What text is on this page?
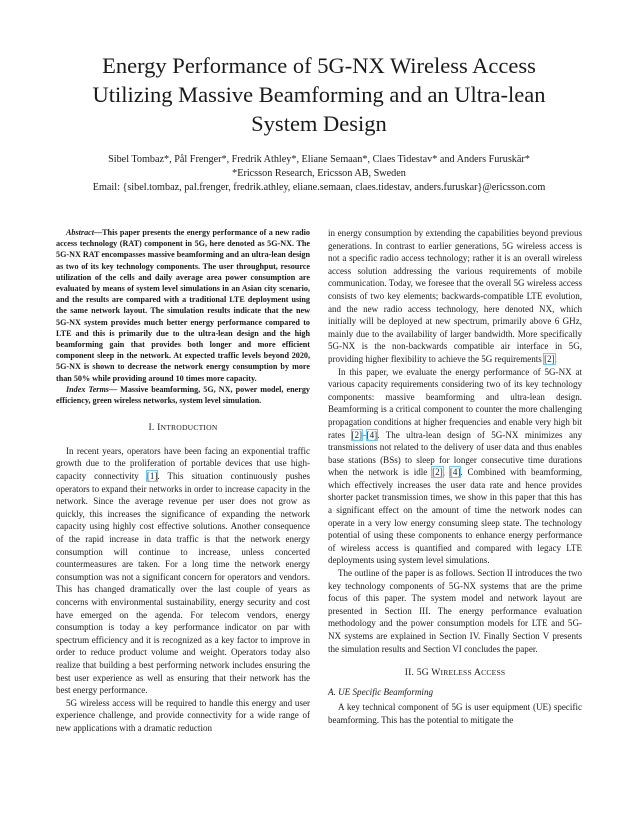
Energy Performance of 5G-NX Wireless Access
Utilizing Massive Beamforming and an Ultra-lean
System Design
Sibel Tombaz*, Pål Frenger*, Fredrik Athley*, Eliane Semaan*, Claes Tidestav* and Anders Furuskär*
*Ericsson Research, Ericsson AB, Sweden
Email: {sibel.tombaz, pal.frenger, fredrik.athley, eliane.semaan, claes.tidestav, anders.furuskar}@ericsson.com

Abstract—This paper presents the energy performance of a new radio access technology (RAT) component in 5G, here denoted as 5G-NX. The 5G-NX RAT encompasses massive beamforming and an ultra-lean design as two of its key technology components. The user throughput, resource utilization of the cells and daily average area power consumption are evaluated by means of system level simulations in an Asian city scenario, and the results are compared with a traditional LTE deployment using the same network layout. The simulation results indicate that the new 5G-NX system provides much better energy performance compared to LTE and this is primarily due to the ultra-lean design and the high beamforming gain that provides both longer and more efficient component sleep in the network. At expected traffic levels beyond 2020, 5G-NX is shown to decrease the network energy consumption by more than 50% while providing around 10 times more capacity.

Index Terms— Massive beamforming, 5G, NX, power model, energy efficiency, green wireless networks, system level simulation.

I. INTRODUCTION

In recent years, operators have been facing an exponential traffic growth due to the proliferation of portable devices that use high-capacity connectivity [1]. This situation continuously pushes operators to expand their networks in order to increase capacity in the network. Since the average revenue per user does not grow as quickly, this increases the significance of expanding the network capacity using highly cost effective solutions. Another consequence of the rapid increase in data traffic is that the network energy consumption will continue to increase, unless concerted countermeasures are taken. For a long time the network energy consumption was not a significant concern for operators and vendors. This has changed dramatically over the last couple of years as concerns with environmental sustainability, energy security and cost have emerged on the agenda. For telecom vendors, energy consumption is today a key performance indicator on par with spectrum efficiency and it is recognized as a key factor to improve in order to reduce product volume and weight. Operators today also realize that building a best performing network includes ensuring the best user experience as well as ensuring that their network has the best energy performance.

5G wireless access will be required to handle this energy and user experience challenge, and provide connectivity for a wide range of new applications with a dramatic reduction

in energy consumption by extending the capabilities beyond previous generations. In contrast to earlier generations, 5G wireless access is not a specific radio access technology; rather it is an overall wireless access solution addressing the various requirements of mobile communication. Today, we foresee that the overall 5G wireless access consists of two key elements; backwards-compatible LTE evolution, and the new radio access technology, here denoted NX, which initially will be deployed at new spectrum, primarily above 6 GHz, mainly due to the availability of larger bandwidth. More specifically 5G-NX is the non-backwards compatible air interface in 5G, providing higher flexibility to achieve the 5G requirements [2].

In this paper, we evaluate the energy performance of 5G-NX at various capacity requirements considering two of its key technology components: massive beamforming and ultra-lean design. Beamforming is a critical component to counter the more challenging propagation conditions at higher frequencies and enable very high bit rates [2]–[4]. The ultra-lean design of 5G-NX minimizes any transmissions not related to the delivery of user data and thus enables base stations (BSs) to sleep for longer consecutive time durations when the network is idle [2], [4]. Combined with beamforming, which effectively increases the user data rate and hence provides shorter packet transmission times, we show in this paper that this has a significant effect on the amount of time the network nodes can operate in a very low energy consuming sleep state. The technology potential of using these components to enhance energy performance of wireless access is quantified and compared with legacy LTE deployments using system level simulations.

The outline of the paper is as follows. Section II introduces the two key technology components of 5G-NX systems that are the prime focus of this paper. The system model and network layout are presented in Section III. The energy performance evaluation methodology and the power consumption models for LTE and 5G-NX systems are explained in Section IV. Finally Section V presents the simulation results and Section VI concludes the paper.

II. 5G WIRELESS ACCESS
A. UE Specific Beamforming

A key technical component of 5G is user equipment (UE) specific beamforming. This has the potential to mitigate the
